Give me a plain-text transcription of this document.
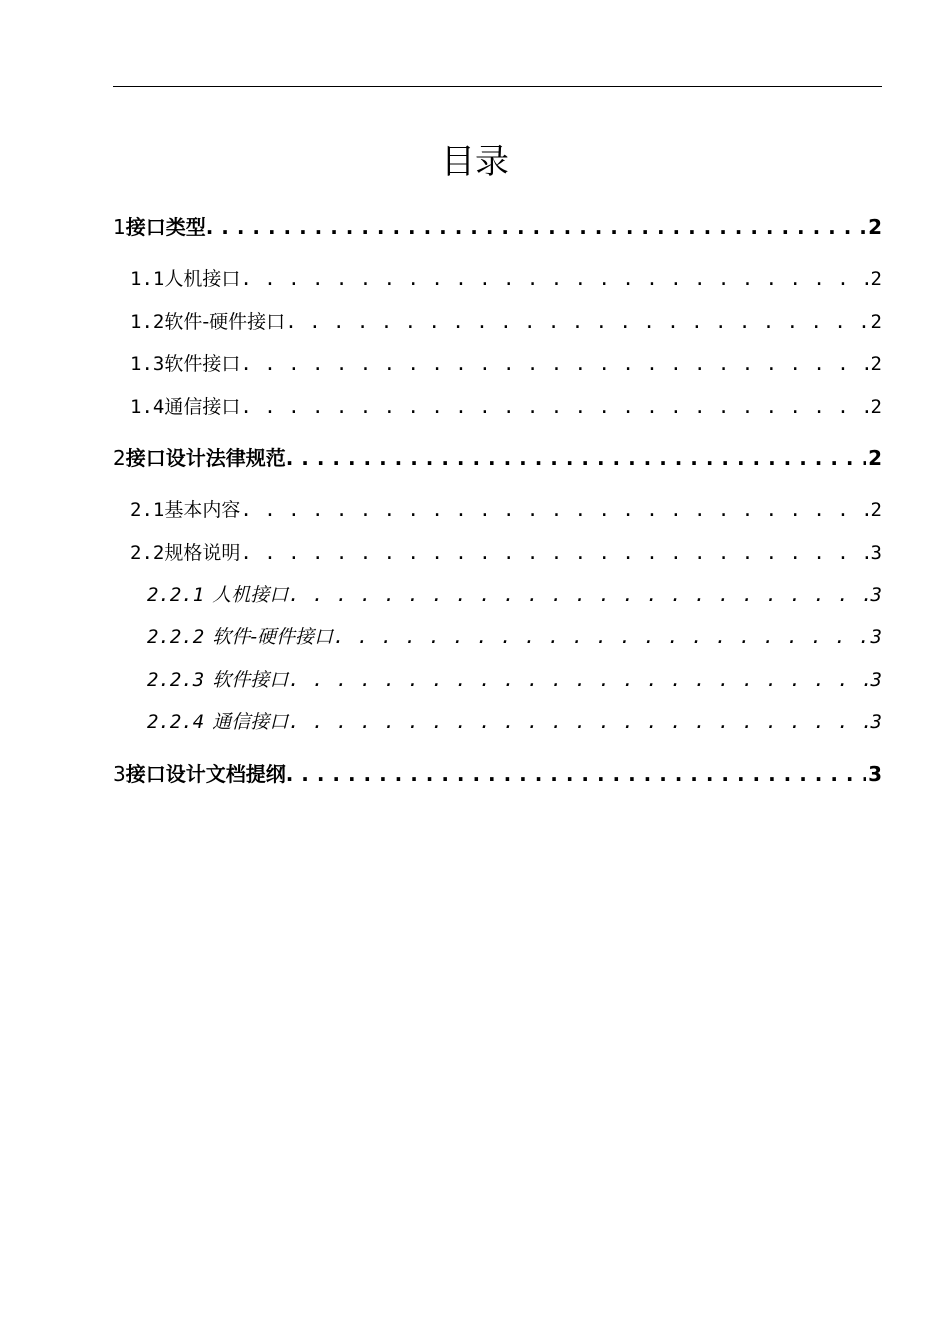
目录
1 接口类型 . . .	2
1.1 人机接口 . . .	2
1.2 软件-硬件接口 . . .	2
1.3 软件接口 . . .	2
1.4 通信接口 . . .	2
2 接口设计法律规范 . . .	2
2.1 基本内容 . . .	2
2.2 规格说明 . . .	3
2.2.1 人机接口 . . .	3
2.2.2 软件-硬件接口 . . .	3
2.2.3 软件接口 . . .	3
2.2.4 通信接口 . . .	3
3 接口设计文档提纲 . . .	3
